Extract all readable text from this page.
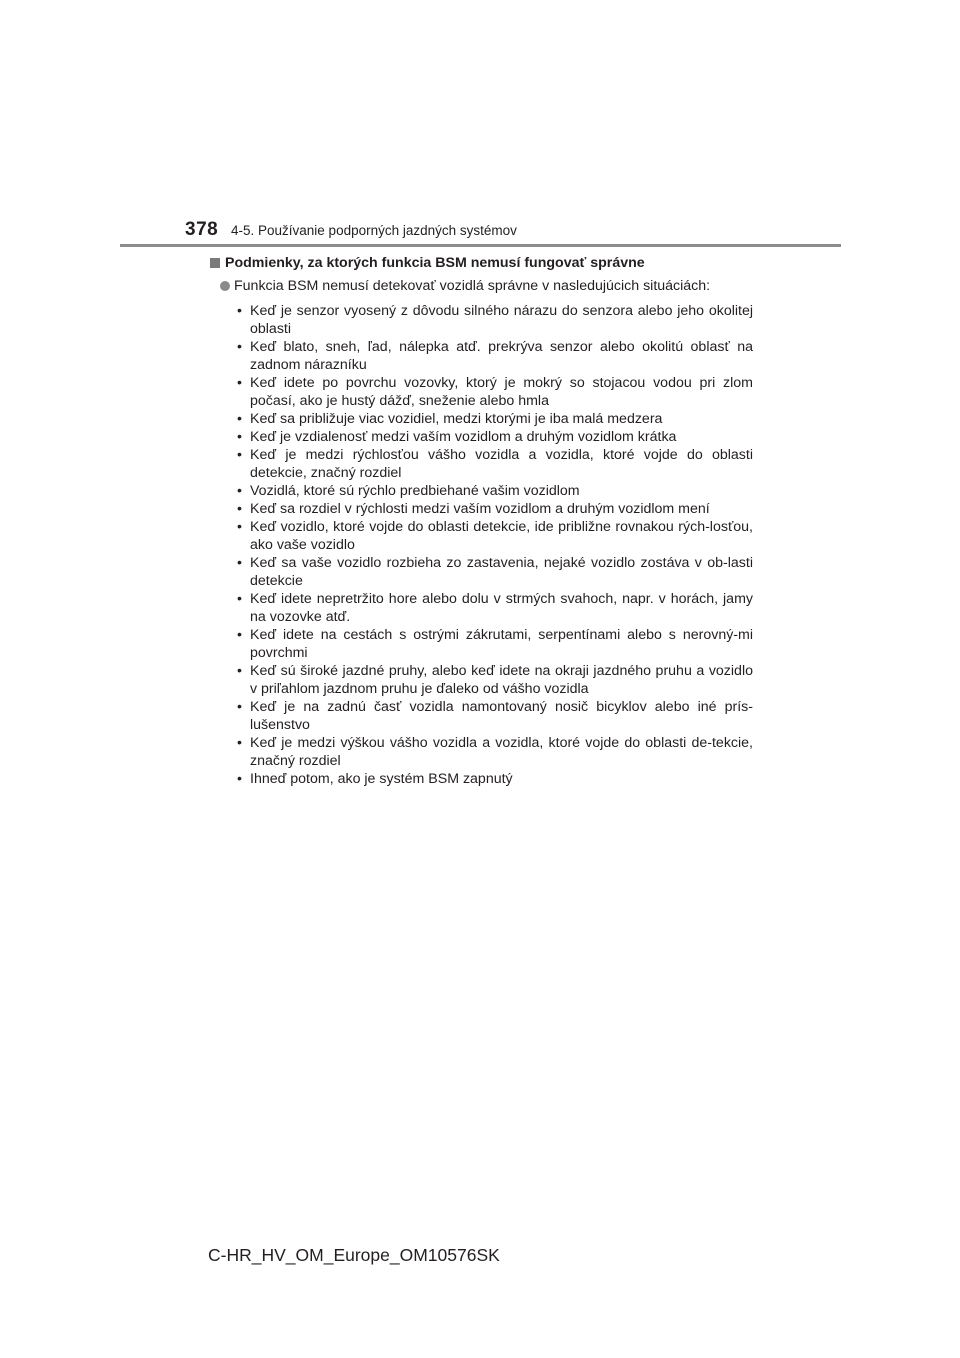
378 4-5. Používanie podporných jazdných systémov
Podmienky, za ktorých funkcia BSM nemusí fungovať správne
Funkcia BSM nemusí detekovať vozidlá správne v nasledujúcich situáciách:
• Keď je senzor vyosený z dôvodu silného nárazu do senzora alebo jeho okolitej oblasti
• Keď blato, sneh, ľad, nálepka atď. prekrýva senzor alebo okolitú oblasť na zadnom nárazníku
• Keď idete po povrchu vozovky, ktorý je mokrý so stojacou vodou pri zlom počasí, ako je hustý dážď, sneženie alebo hmla
• Keď sa približuje viac vozidiel, medzi ktorými je iba malá medzera
• Keď je vzdialenosť medzi vaším vozidlom a druhým vozidlom krátka
• Keď je medzi rýchlosťou vášho vozidla a vozidla, ktoré vojde do oblasti detekcie, značný rozdiel
• Vozidlá, ktoré sú rýchlo predbiehané vašim vozidlom
• Keď sa rozdiel v rýchlosti medzi vaším vozidlom a druhým vozidlom mení
• Keď vozidlo, ktoré vojde do oblasti detekcie, ide približne rovnakou rých-losťou, ako vaše vozidlo
• Keď sa vaše vozidlo rozbieha zo zastavenia, nejaké vozidlo zostáva v ob-lasti detekcie
• Keď idete nepretržito hore alebo dolu v strmých svahoch, napr. v horách, jamy na vozovke atď.
• Keď idete na cestách s ostrými zákrutami, serpentínami alebo s nerovný-mi povrchmi
• Keď sú široké jazdné pruhy, alebo keď idete na okraji jazdného pruhu a vozidlo v priľahlom jazdnom pruhu je ďaleko od vášho vozidla
• Keď je na zadnú časť vozidla namontovaný nosič bicyklov alebo iné prís-lušenstvo
• Keď je medzi výškou vášho vozidla a vozidla, ktoré vojde do oblasti de-tekcie, značný rozdiel
• Ihneď potom, ako je systém BSM zapnutý
C-HR_HV_OM_Europe_OM10576SK
